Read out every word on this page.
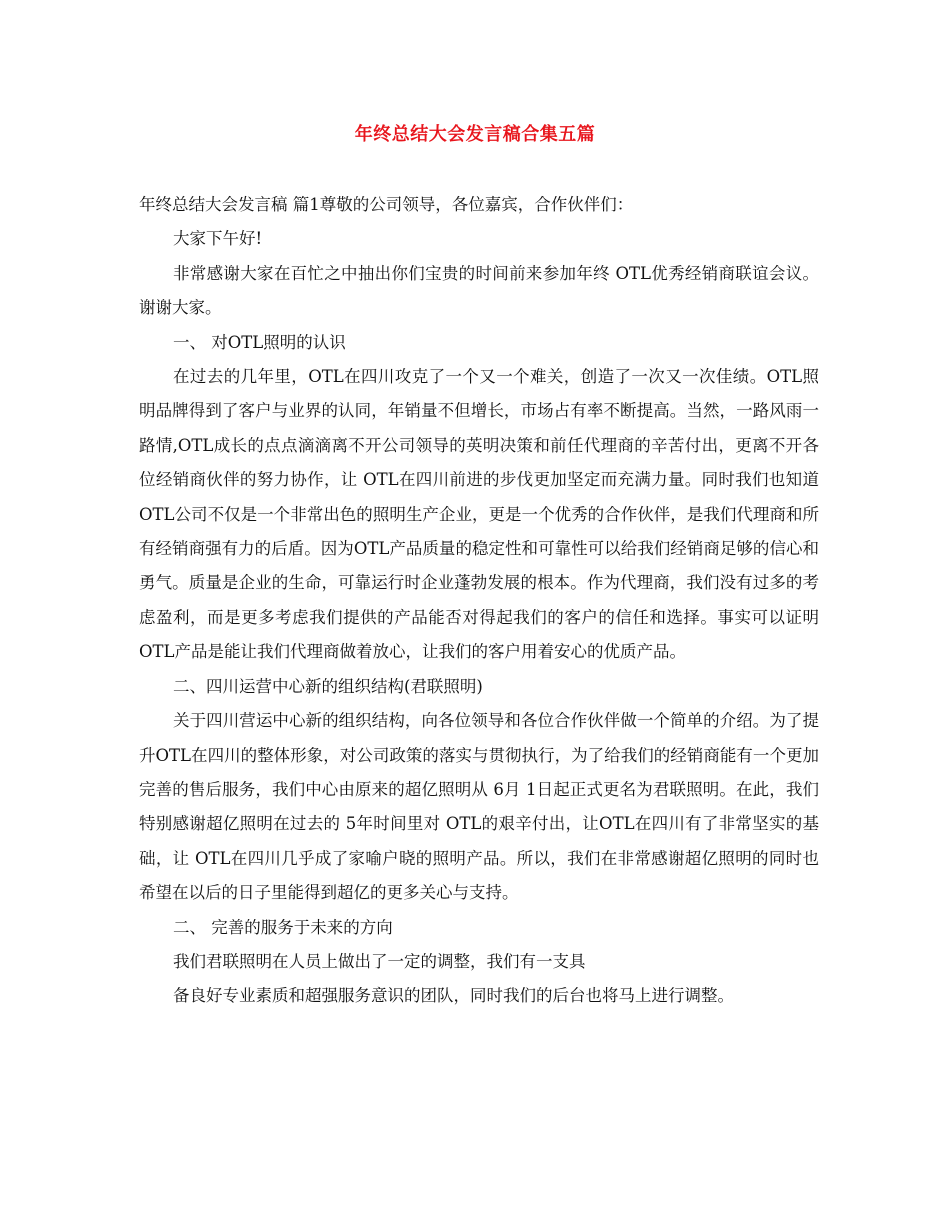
年终总结大会发言稿合集五篇

年终总结大会发言稿 篇1尊敬的公司领导，各位嘉宾，合作伙伴们：

大家下午好!

非常感谢大家在百忙之中抽出你们宝贵的时间前来参加年终 OTL优秀经销商联谊会议。谢谢大家。

一、 对OTL照明的认识

在过去的几年里，OTL在四川攻克了一个又一个难关，创造了一次又一次佳绩。OTL照明品牌得到了客户与业界的认同，年销量不但增长，市场占有率不断提高。当然，一路风雨一路情,OTL成长的点点滴滴离不开公司领导的英明决策和前任代理商的辛苦付出，更离不开各位经销商伙伴的努力协作，让 OTL在四川前进的步伐更加坚定而充满力量。同时我们也知道 OTL公司不仅是一个非常出色的照明生产企业，更是一个优秀的合作伙伴，是我们代理商和所有经销商强有力的后盾。因为OTL产品质量的稳定性和可靠性可以给我们经销商足够的信心和勇气。质量是企业的生命，可靠运行时企业蓬勃发展的根本。作为代理商，我们没有过多的考虑盈利，而是更多考虑我们提供的产品能否对得起我们的客户的信任和选择。事实可以证明 OTL产品是能让我们代理商做着放心，让我们的客户用着安心的优质产品。

二、四川运营中心新的组织结构(君联照明)

关于四川营运中心新的组织结构，向各位领导和各位合作伙伴做一个简单的介绍。为了提升OTL在四川的整体形象，对公司政策的落实与贯彻执行，为了给我们的经销商能有一个更加完善的售后服务，我们中心由原来的超亿照明从 6月 1日起正式更名为君联照明。在此，我们特别感谢超亿照明在过去的 5年时间里对 OTL的艰辛付出，让OTL在四川有了非常坚实的基础，让 OTL在四川几乎成了家喻户晓的照明产品。所以，我们在非常感谢超亿照明的同时也希望在以后的日子里能得到超亿的更多关心与支持。

二、 完善的服务于未来的方向

我们君联照明在人员上做出了一定的调整，我们有一支具

备良好专业素质和超强服务意识的团队，同时我们的后台也将马上进行调整。
